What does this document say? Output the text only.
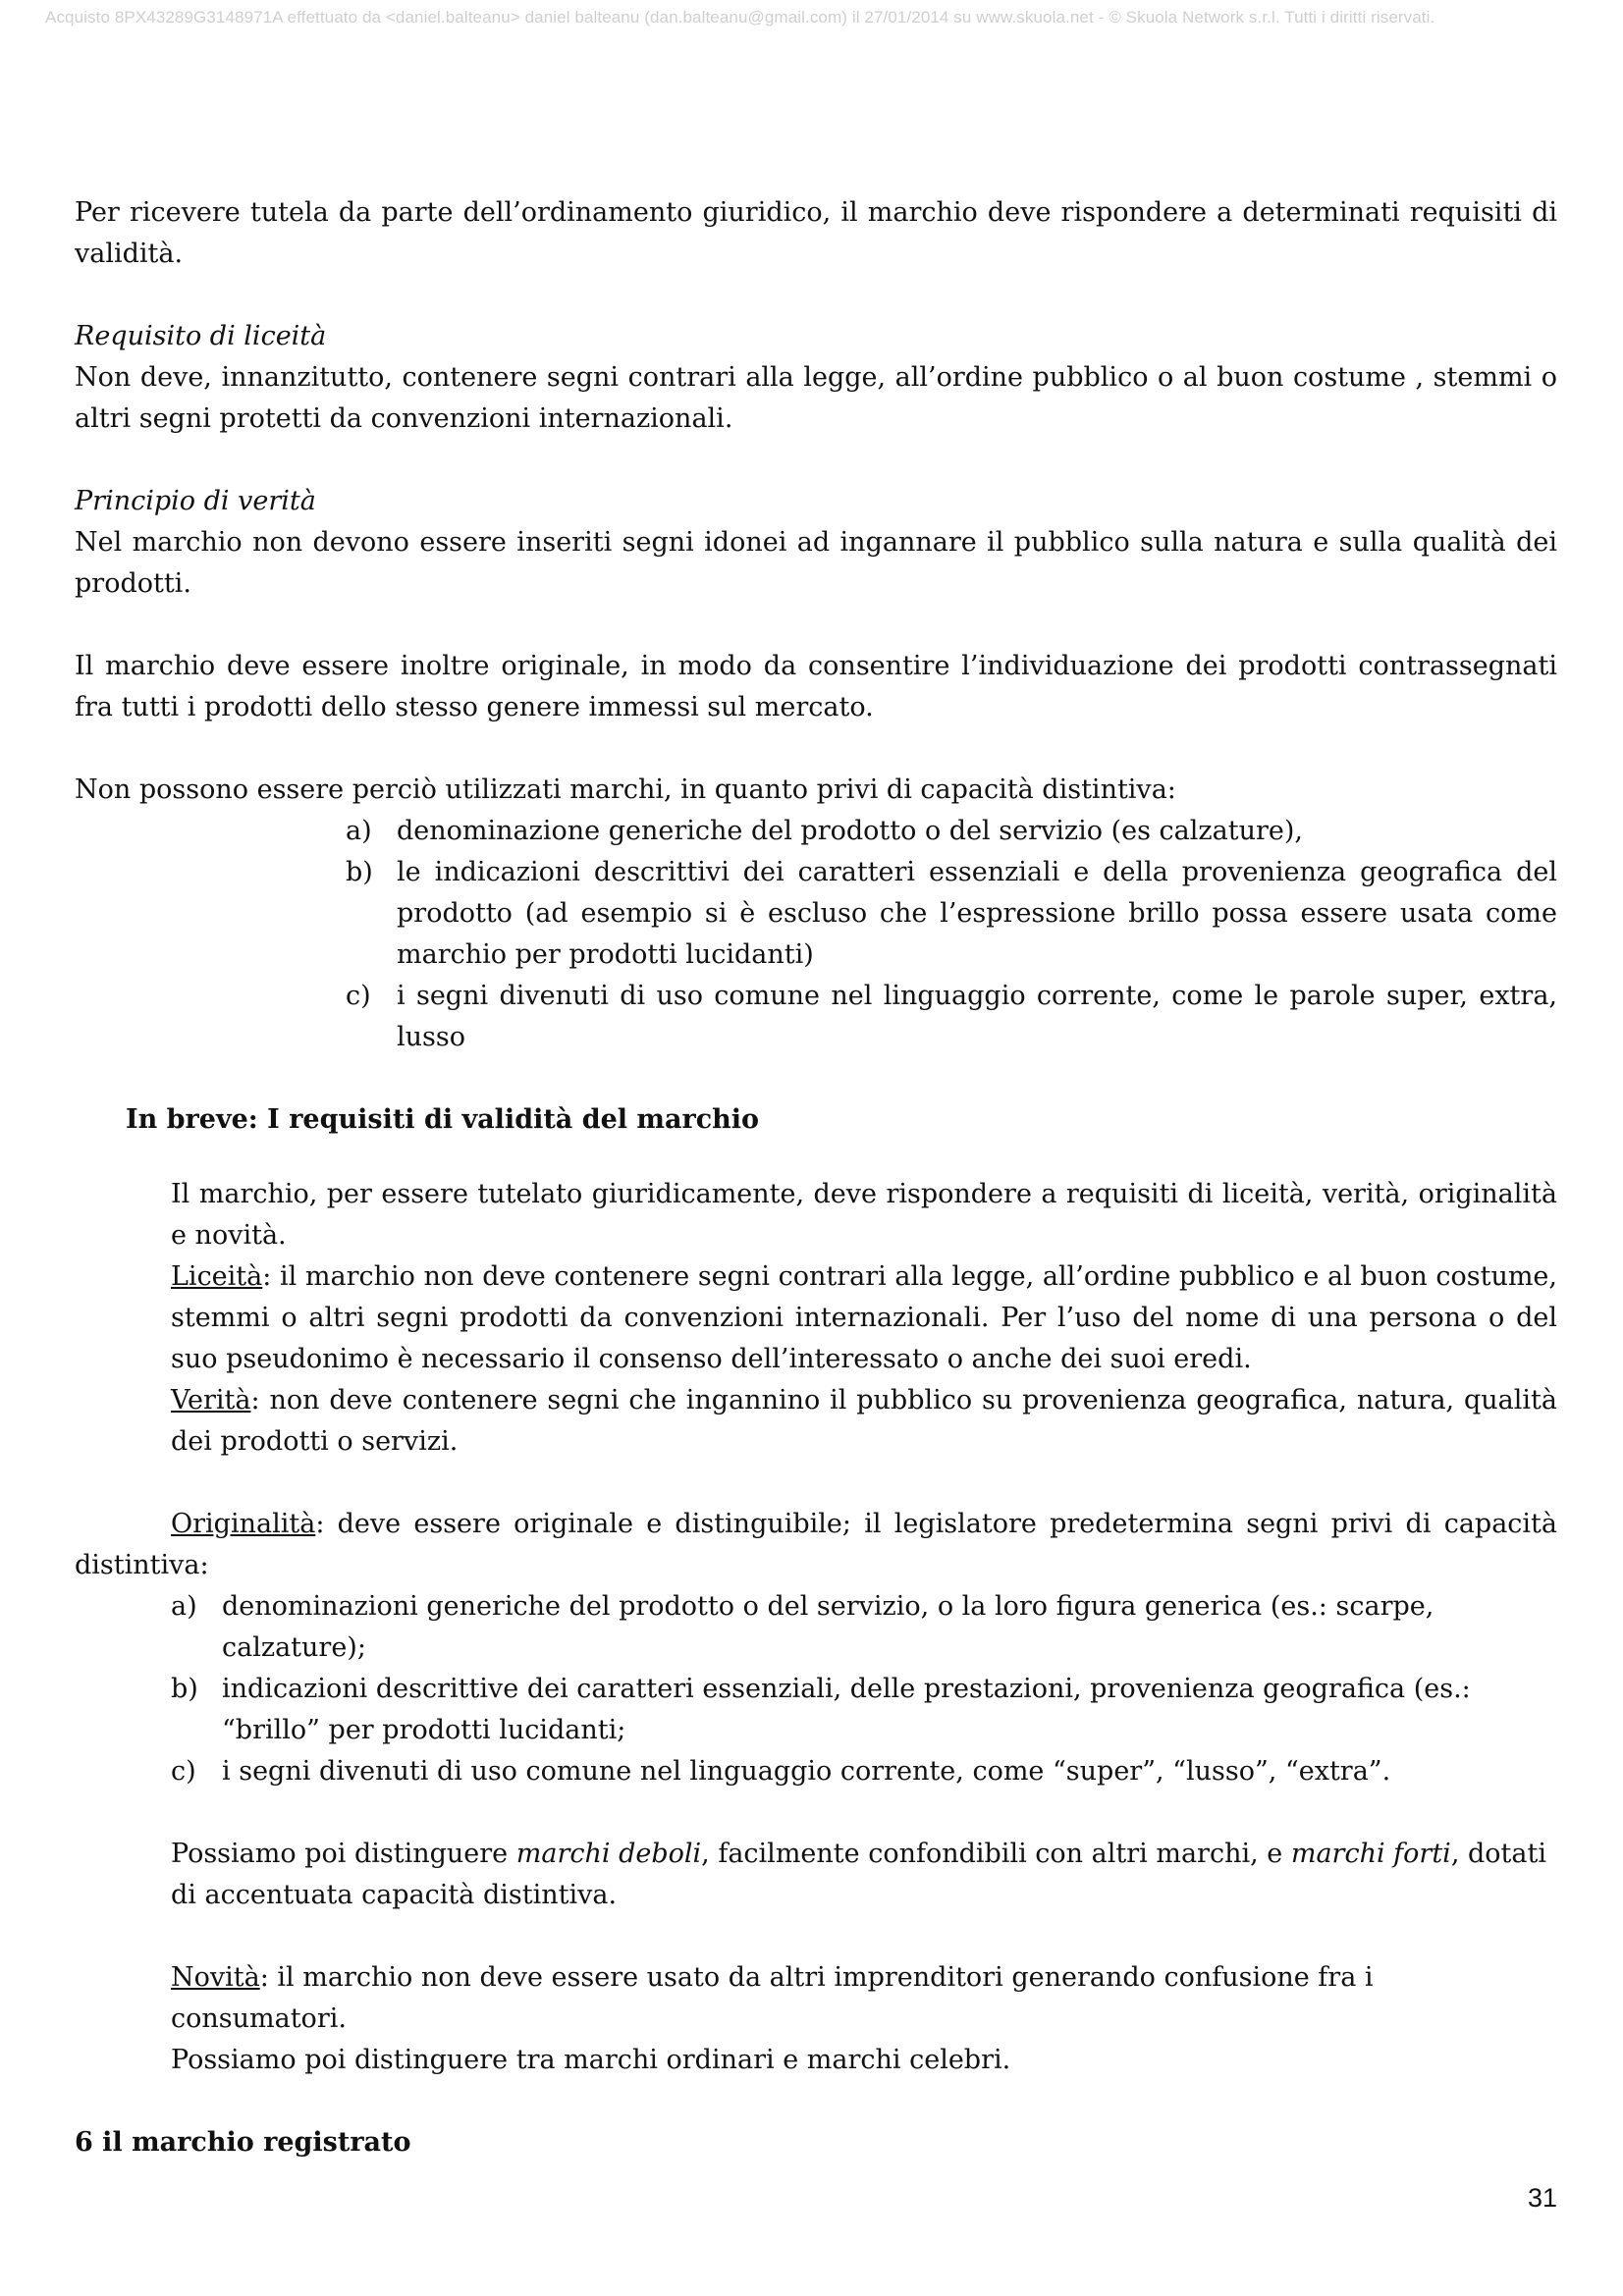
Acquisto 8PX43289G3148971A effettuato da <daniel.balteanu> daniel balteanu (dan.balteanu@gmail.com) il 27/01/2014 su www.skuola.net - © Skuola Network s.r.l. Tutti i diritti riservati.

Per ricevere tutela da parte dell’ordinamento giuridico, il marchio deve rispondere a determinati requisiti di validità.

Requisito di liceità

Non deve, innanzitutto, contenere segni contrari alla legge, all’ordine pubblico o al buon costume , stemmi o altri segni protetti da convenzioni internazionali.

Principio di verità

Nel marchio non devono essere inseriti segni idonei ad ingannare il pubblico sulla natura e sulla qualità dei prodotti.

Il marchio deve essere inoltre originale, in modo da consentire l’individuazione dei prodotti contrassegnati fra tutti i prodotti dello stesso genere immessi sul mercato.

Non possono essere perciò utilizzati marchi, in quanto privi di capacità distintiva:

a) denominazione generiche del prodotto o del servizio (es calzature),
b) le indicazioni descrittivi dei caratteri essenziali e della provenienza geografica del prodotto (ad esempio si è escluso che l’espressione brillo possa essere usata come marchio per prodotti lucidanti)
c) i segni divenuti di uso comune nel linguaggio corrente, come le parole super, extra, lusso

In breve: I requisiti di validità del marchio

Il marchio, per essere tutelato giuridicamente, deve rispondere a requisiti di liceità, verità, originalità e novità.

Liceità: il marchio non deve contenere segni contrari alla legge, all’ordine pubblico e al buon costume, stemmi o altri segni prodotti da convenzioni internazionali. Per l’uso del nome di una persona o del suo pseudonimo è necessario il consenso dell’interessato o anche dei suoi eredi.

Verità: non deve contenere segni che ingannino il pubblico su provenienza geografica, natura, qualità dei prodotti o servizi.

Originalità: deve essere originale e distinguibile; il legislatore predetermina segni privi di capacità distintiva:

a) denominazioni generiche del prodotto o del servizio, o la loro figura generica (es.: scarpe, calzature);
b) indicazioni descrittive dei caratteri essenziali, delle prestazioni, provenienza geografica (es.: “brillo” per prodotti lucidanti;
c) i segni divenuti di uso comune nel linguaggio corrente, come “super”, “lusso”, “extra”.

Possiamo poi distinguere marchi deboli, facilmente confondibili con altri marchi, e marchi forti, dotati di accentuata capacità distintiva.

Novità: il marchio non deve essere usato da altri imprenditori generando confusione fra i consumatori.

Possiamo poi distinguere tra marchi ordinari e marchi celebri.

6 il marchio registrato

31
